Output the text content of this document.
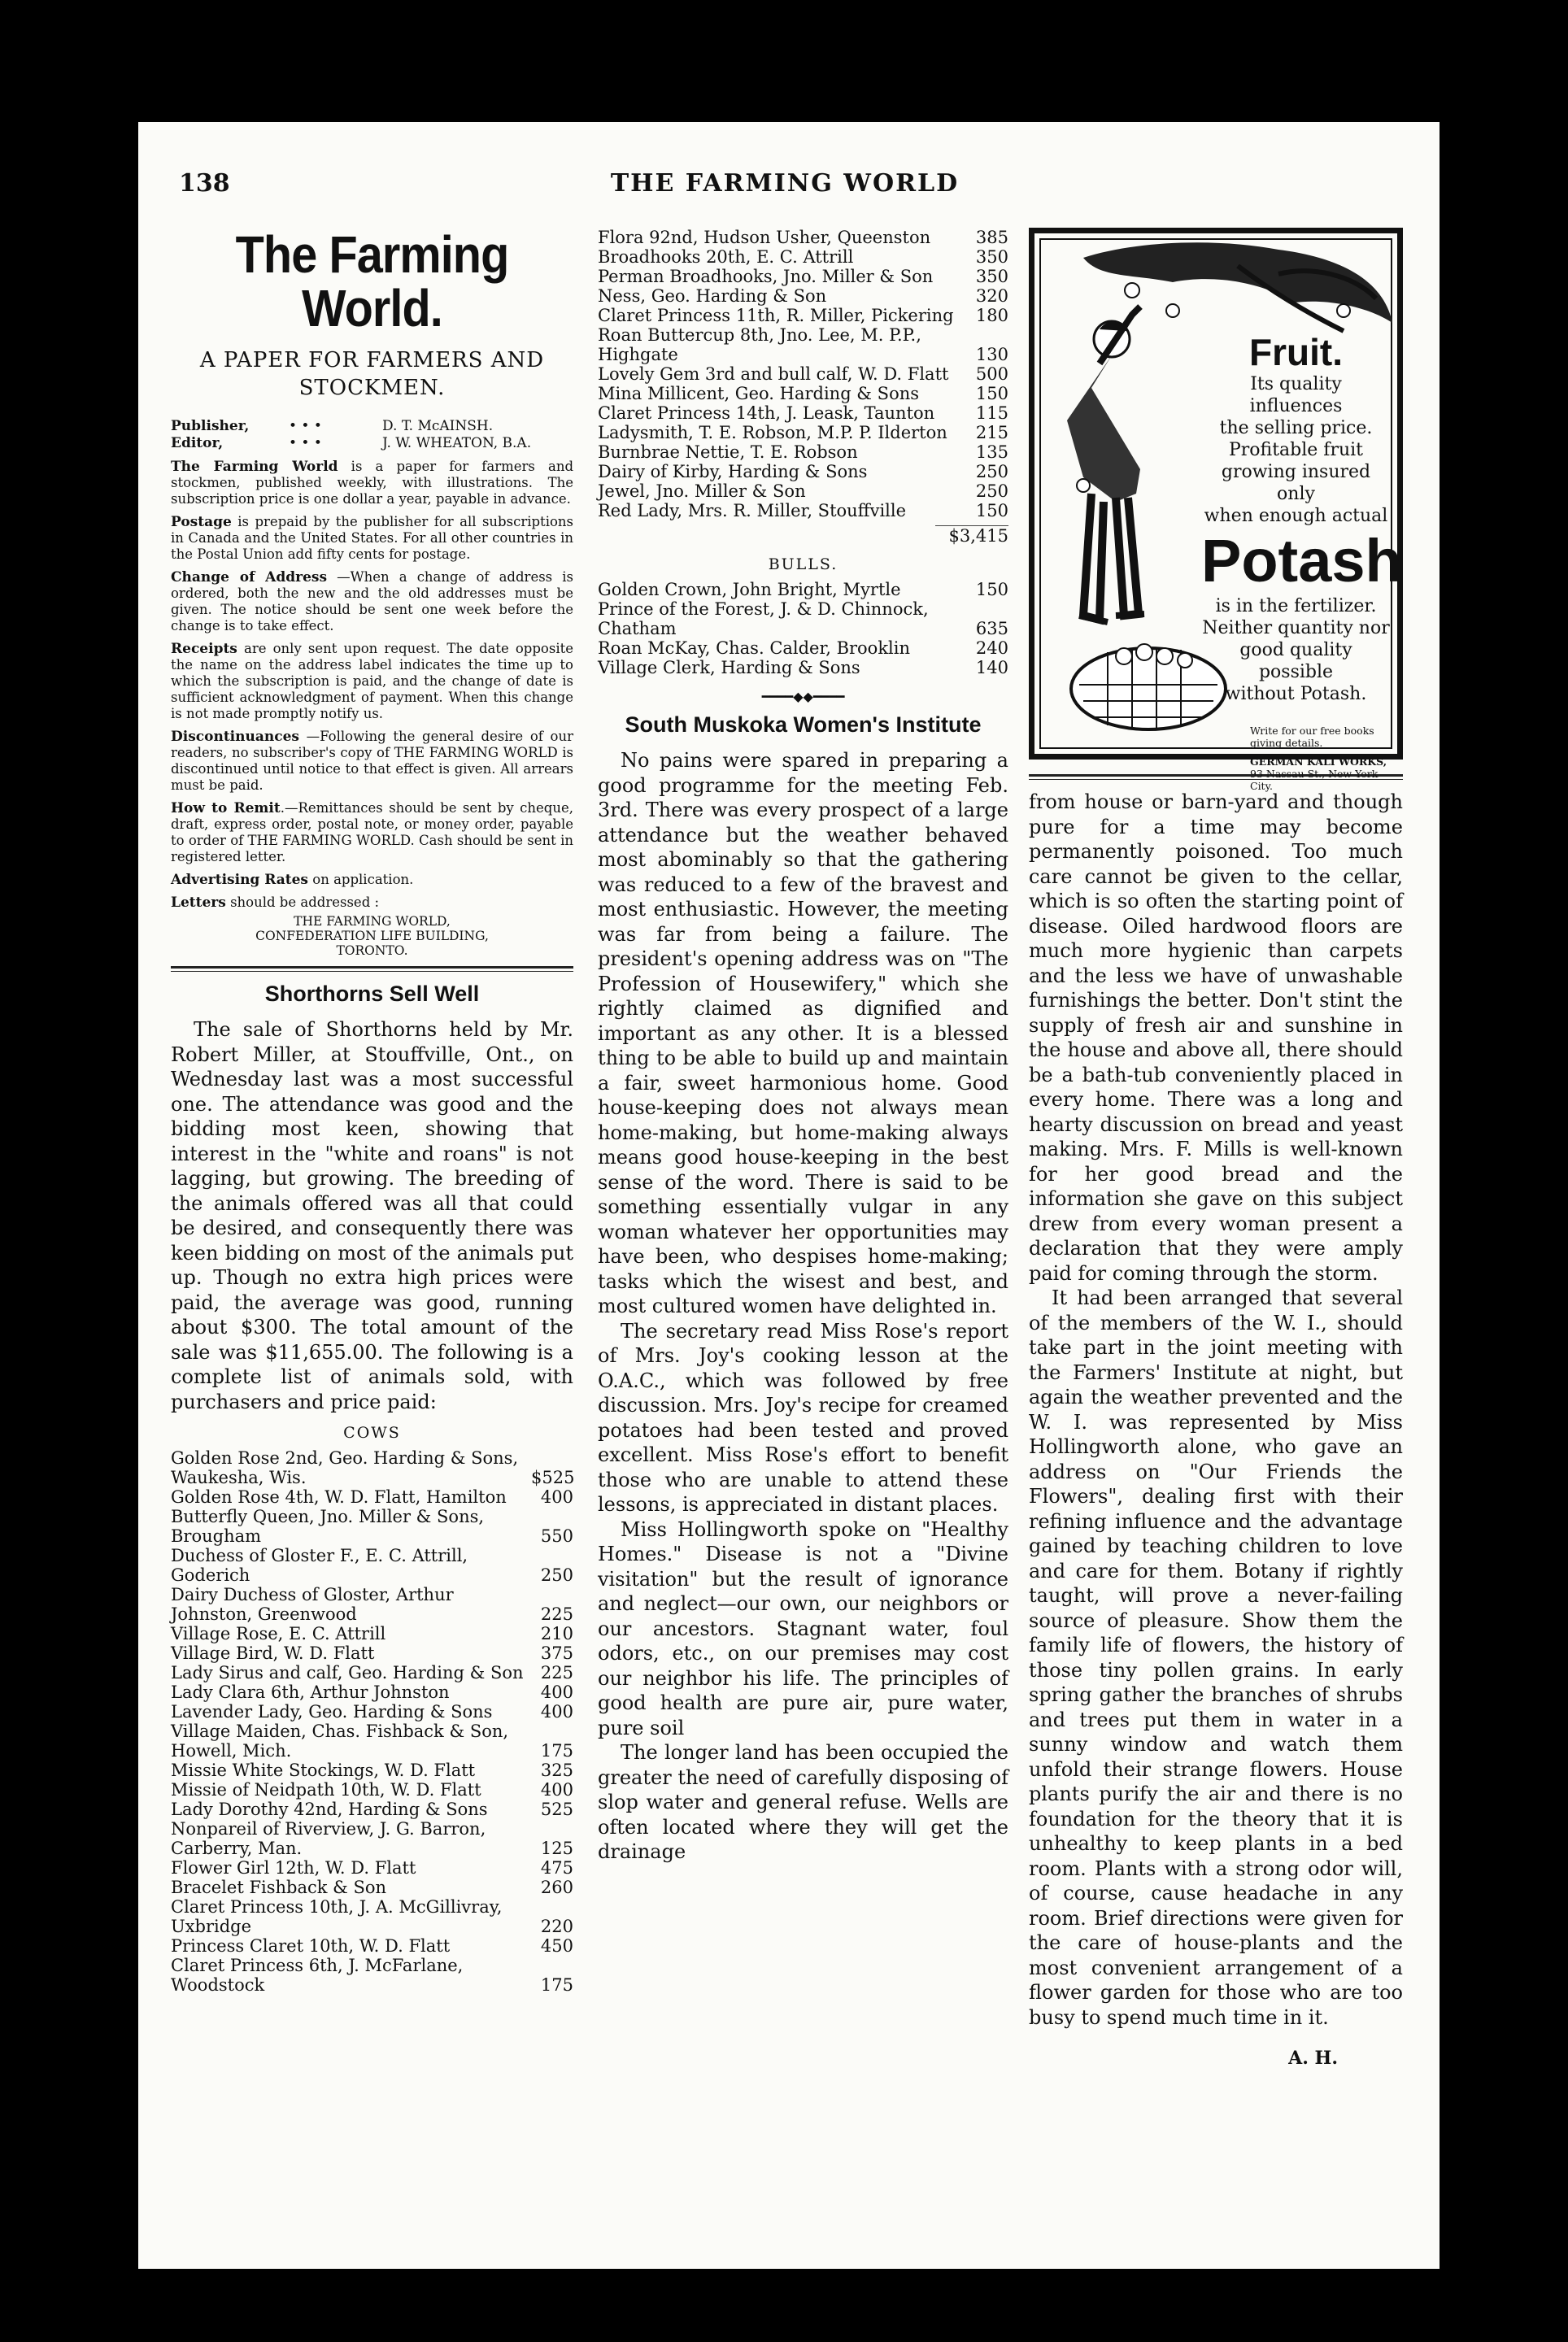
138	THE FARMING WORLD
The Farming World.
A PAPER FOR FARMERS AND STOCKMEN.
Publisher,	• • •	D. T. McAINSH.
Editor,	• • •	J. W. WHEATON, B.A.

The Farming World is a paper for farmers and stockmen, published weekly, with illustrations. The subscription price is one dollar a year, payable in advance.

Postage is prepaid by the publisher for all subscriptions in Canada and the United States. For all other countries in the Postal Union add fifty cents for postage.

Change of Address —When a change of address is ordered, both the new and the old addresses must be given. The notice should be sent one week before the change is to take effect.

Receipts are only sent upon request. The date opposite the name on the address label indicates the time up to which the subscription is paid, and the change of date is sufficient acknowledgment of payment. When this change is not made promptly notify us.

Discontinuances —Following the general desire of our readers, no subscriber's copy of THE FARMING WORLD is discontinued until notice to that effect is given. All arrears must be paid.

How to Remit.—Remittances should be sent by cheque, draft, express order, postal note, or money order, payable to order of THE FARMING WORLD. Cash should be sent in registered letter.

Advertising Rates on application.

Letters should be addressed :

THE FARMING WORLD,
CONFEDERATION LIFE BUILDING,
TORONTO.
Shorthorns Sell Well

The sale of Shorthorns held by Mr. Robert Miller, at Stouffville, Ont., on Wednesday last was a most successful one. The attendance was good and the bidding most keen, showing that interest in the "white and roans" is not lagging, but growing. The breeding of the animals offered was all that could be desired, and consequently there was keen bidding on most of the animals put up. Though no extra high prices were paid, the average was good, running about $300. The total amount of the sale was $11,655.00. The following is a complete list of animals sold, with purchasers and price paid:

COWS
Golden Rose 2nd, Geo. Harding & Sons, Waukesha, Wis.	$525
Golden Rose 4th, W. D. Flatt, Hamilton	400
Butterfly Queen, Jno. Miller & Sons, Brougham	550
Duchess of Gloster F., E. C. Attrill, Goderich	250
Dairy Duchess of Gloster, Arthur Johnston, Greenwood	225
Village Rose, E. C. Attrill	210
Village Bird, W. D. Flatt	375
Lady Sirus and calf, Geo. Harding & Son	225
Lady Clara 6th, Arthur Johnston	400
Lavender Lady, Geo. Harding & Sons	400
Village Maiden, Chas. Fishback & Son, Howell, Mich.	175
Missie White Stockings, W. D. Flatt	325
Missie of Neidpath 10th, W. D. Flatt	400
Lady Dorothy 42nd, Harding & Sons	525
Nonpareil of Riverview, J. G. Barron, Carberry, Man.	125
Flower Girl 12th, W. D. Flatt	475
Bracelet Fishback & Son	260
Claret Princess 10th, J. A. McGillivray, Uxbridge	220
Princess Claret 10th, W. D. Flatt	450
Claret Princess 6th, J. McFarlane, Woodstock	175
Flora 92nd, Hudson Usher, Queenston	385
Broadhooks 20th, E. C. Attrill	350
Perman Broadhooks, Jno. Miller & Son	350
Ness, Geo. Harding & Son	320
Claret Princess 11th, R. Miller, Pickering	180
Roan Buttercup 8th, Jno. Lee, M. P.P., Highgate	130
Lovely Gem 3rd and bull calf, W. D. Flatt	500
Mina Millicent, Geo. Harding & Sons	150
Claret Princess 14th, J. Leask, Taunton	115
Ladysmith, T. E. Robson, M.P. P. Ilderton	215
Burnbrae Nettie, T. E. Robson	135
Dairy of Kirby, Harding & Sons	250
Jewel, Jno. Miller & Son	250
Red Lady, Mrs. R. Miller, Stouffville	150
$3,415
BULLS.
Golden Crown, John Bright, Myrtle	150
Prince of the Forest, J. & D. Chinnock, Chatham	635
Roan McKay, Chas. Calder, Brooklin	240
Village Clerk, Harding & Sons	140
━━━━◆◆━━━━
South Muskoka Women's Institute

No pains were spared in preparing a good programme for the meeting Feb. 3rd. There was every prospect of a large attendance but the weather behaved most abominably so that the gathering was reduced to a few of the bravest and most enthusiastic. However, the meeting was far from being a failure. The president's opening address was on "The Profession of Housewifery," which she rightly claimed as dignified and important as any other. It is a blessed thing to be able to build up and maintain a fair, sweet harmonious home. Good house-keeping does not always mean home-making, but home-making always means good house-keeping in the best sense of the word. There is said to be something essentially vulgar in any woman whatever her opportunities may have been, who despises home-making; tasks which the wisest and best, and most cultured women have delighted in.

The secretary read Miss Rose's report of Mrs. Joy's cooking lesson at the O.A.C., which was followed by free discussion. Mrs. Joy's recipe for creamed potatoes had been tested and proved excellent. Miss Rose's effort to benefit those who are unable to attend these lessons, is appreciated in distant places.

Miss Hollingworth spoke on "Healthy Homes." Disease is not a "Divine visitation" but the result of ignorance and neglect—our own, our neighbors or our ancestors. Stagnant water, foul odors, etc., on our premises may cost our neighbor his life. The principles of good health are pure air, pure water, pure soil

The longer land has been occupied the greater the need of carefully disposing of slop water and general refuse. Wells are often located where they will get the drainage

Fruit.
Its quality influences
the selling price.
Profitable fruit
growing insured only
when enough actual
Potash
is in the fertilizer.
Neither quantity nor
good quality possible
without Potash.
Write for our free books giving details.
GERMAN KALI WORKS,
93 Nassau St., New York City.

from house or barn-yard and though pure for a time may become permanently poisoned. Too much care cannot be given to the cellar, which is so often the starting point of disease. Oiled hardwood floors are much more hygienic than carpets and the less we have of unwashable furnishings the better. Don't stint the supply of fresh air and sunshine in the house and above all, there should be a bath-tub conveniently placed in every home. There was a long and hearty discussion on bread and yeast making. Mrs. F. Mills is well-known for her good bread and the information she gave on this subject drew from every woman present a declaration that they were amply paid for coming through the storm.

It had been arranged that several of the members of the W. I., should take part in the joint meeting with the Farmers' Institute at night, but again the weather prevented and the W. I. was represented by Miss Hollingworth alone, who gave an address on "Our Friends the Flowers", dealing first with their refining influence and the advantage gained by teaching children to love and care for them. Botany if rightly taught, will prove a never-failing source of pleasure. Show them the family life of flowers, the history of those tiny pollen grains. In early spring gather the branches of shrubs and trees put them in water in a sunny window and watch them unfold their strange flowers. House plants purify the air and there is no foundation for the theory that it is unhealthy to keep plants in a bed room. Plants with a strong odor will, of course, cause headache in any room. Brief directions were given for the care of house-plants and the most convenient arrangement of a flower garden for those who are too busy to spend much time in it.

A. H.
